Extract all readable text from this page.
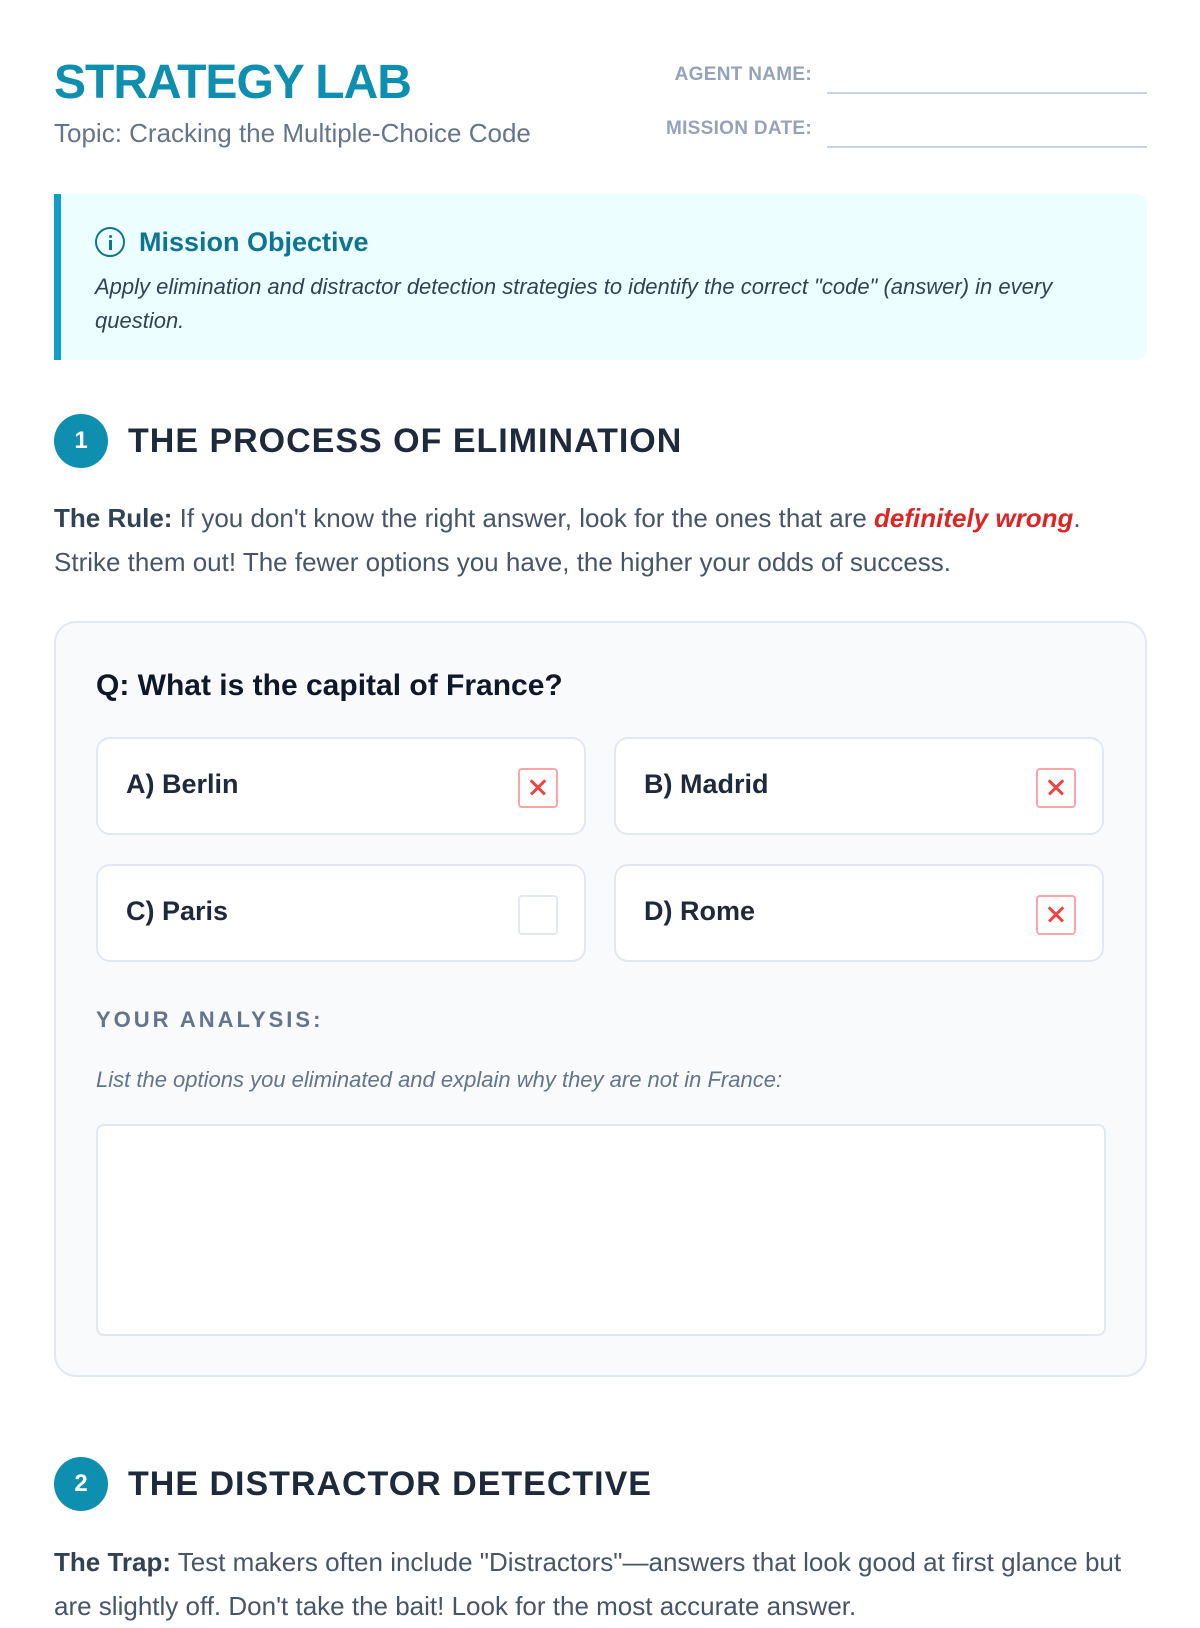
STRATEGY LAB
Topic: Cracking the Multiple-Choice Code
AGENT NAME:
MISSION DATE:
Mission Objective
Apply elimination and distractor detection strategies to identify the correct "code" (answer) in every question.
1	THE PROCESS OF ELIMINATION

The Rule: If you don't know the right answer, look for the ones that are definitely wrong. Strike them out! The fewer options you have, the higher your odds of success.

Q: What is the capital of France?
A) Berlin	B) Madrid
C) Paris	D) Rome
YOUR ANALYSIS:
List the options you eliminated and explain why they are not in France:
2	THE DISTRACTOR DETECTIVE

The Trap: Test makers often include "Distractors"—answers that look good at first glance but are slightly off. Don't take the bait! Look for the most accurate answer.
